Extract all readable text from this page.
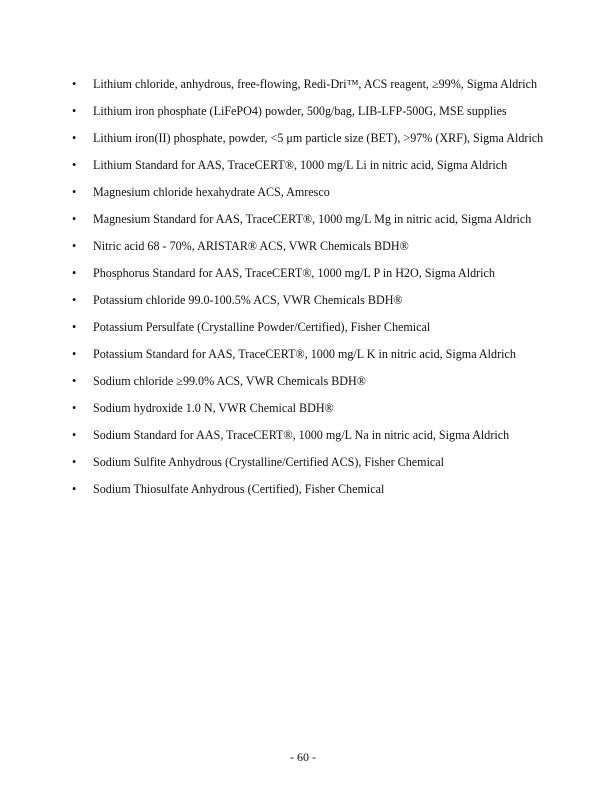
• Lithium chloride, anhydrous, free-flowing, Redi-Dri™, ACS reagent, ≥99%, Sigma Aldrich
• Lithium iron phosphate (LiFePO4) powder, 500g/bag, LIB-LFP-500G, MSE supplies
• Lithium iron(II) phosphate, powder, <5 μm particle size (BET), >97% (XRF), Sigma Aldrich
• Lithium Standard for AAS, TraceCERT®, 1000 mg/L Li in nitric acid, Sigma Aldrich
• Magnesium chloride hexahydrate ACS, Amresco
• Magnesium Standard for AAS, TraceCERT®, 1000 mg/L Mg in nitric acid, Sigma Aldrich
• Nitric acid 68 - 70%, ARISTAR® ACS, VWR Chemicals BDH®
• Phosphorus Standard for AAS, TraceCERT®, 1000 mg/L P in H2O, Sigma Aldrich
• Potassium chloride 99.0-100.5% ACS, VWR Chemicals BDH®
• Potassium Persulfate (Crystalline Powder/Certified), Fisher Chemical
• Potassium Standard for AAS, TraceCERT®, 1000 mg/L K in nitric acid, Sigma Aldrich
• Sodium chloride ≥99.0% ACS, VWR Chemicals BDH®
• Sodium hydroxide 1.0 N, VWR Chemical BDH®
• Sodium Standard for AAS, TraceCERT®, 1000 mg/L Na in nitric acid, Sigma Aldrich
• Sodium Sulfite Anhydrous (Crystalline/Certified ACS), Fisher Chemical
• Sodium Thiosulfate Anhydrous (Certified), Fisher Chemical
- 60 -
